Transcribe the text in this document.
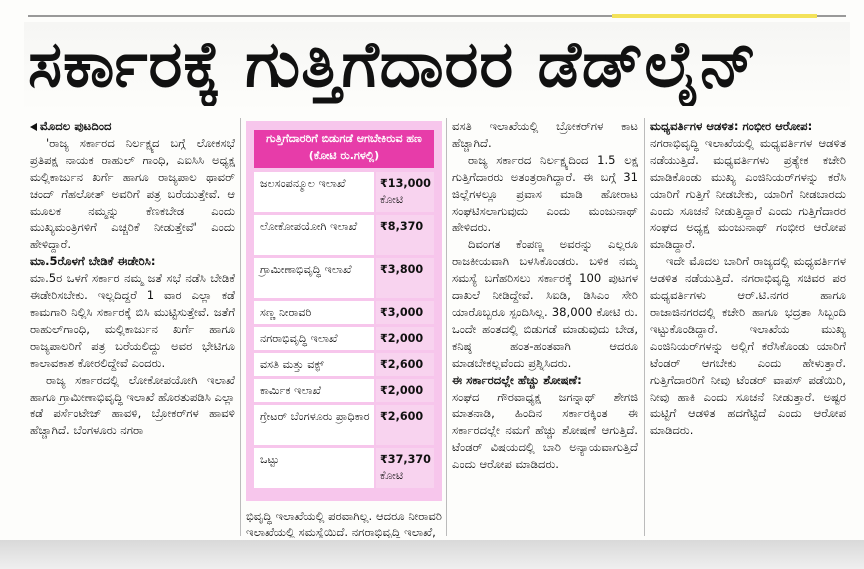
ಸರ್ಕಾರಕ್ಕೆ ಗುತ್ತಿಗೆದಾರರ ಡೆಡ್‌ಲೈನ್

ಮೊದಲ ಪುಟದಿಂದ

'ರಾಜ್ಯ ಸರ್ಕಾರದ ನಿರ್ಲಕ್ಷ್ಯದ ಬಗ್ಗೆ ಲೋಕಸಭೆ ಪ್ರತಿಪಕ್ಷ ನಾಯಕ ರಾಹುಲ್ ಗಾಂಧಿ, ಎಐಸಿಸಿ ಅಧ್ಯಕ್ಷ ಮಲ್ಲಿಕಾರ್ಜುನ ಖರ್ಗೆ ಹಾಗೂ ರಾಜ್ಯಪಾಲ ಥಾವರ್ ಚಂದ್ ಗೆಹಲೋತ್ ಅವರಿಗೆ ಪತ್ರ ಬರೆಯುತ್ತೇವೆ. ಆ ಮೂಲಕ ನಮ್ಮನ್ನು ಕೆಣಕಬೇಡ ಎಂದು ಮುಖ್ಯಮಂತ್ರಿಗಳಿಗೆ ಎಚ್ಚರಿಕೆ ನೀಡುತ್ತೇವೆ' ಎಂದು ಹೇಳಿದ್ದಾರೆ.

ಮಾ.5ರೊಳಗೆ ಬೇಡಿಕೆ ಈಡೇರಿಸಿ:

ಮಾ.5ರ ಒಳಗೆ ಸರ್ಕಾರ ನಮ್ಮ ಜತೆ ಸಭೆ ನಡೆಸಿ ಬೇಡಿಕೆ ಈಡೇರಿಸಬೇಕು. ಇಲ್ಲದಿದ್ದರೆ 1 ವಾರ ಎಲ್ಲಾ ಕಡೆ ಕಾಮಗಾರಿ ನಿಲ್ಲಿಸಿ ಸರ್ಕಾರಕ್ಕೆ ಬಿಸಿ ಮುಟ್ಟಿಸುತ್ತೇವೆ. ಜತೆಗೆ ರಾಹುಲ್‌ಗಾಂಧಿ, ಮಲ್ಲಿಕಾರ್ಜುನ ಖರ್ಗೆ ಹಾಗೂ ರಾಜ್ಯಪಾಲರಿಗೆ ಪತ್ರ ಬರೆಯಲಿದ್ದು ಅವರ ಭೇಟಿಗೂ ಕಾಲಾವಕಾಶ ಕೋರಲಿದ್ದೇವೆ ಎಂದರು.

ರಾಜ್ಯ ಸರ್ಕಾರದಲ್ಲಿ ಲೋಕೋಪಯೋಗಿ ಇಲಾಖೆ ಹಾಗೂ ಗ್ರಾಮೀಣಾಭಿವೃದ್ಧಿ ಇಲಾಖೆ ಹೊರತುಪಡಿಸಿ ಎಲ್ಲಾ ಕಡೆ ಪರ್ಸೆಂಟೇಜ್ ಹಾವಳಿ, ಬ್ರೋಕರ್‌ಗಳ ಹಾವಳಿ ಹೆಚ್ಚಾಗಿದೆ. ಬೆಂಗಳೂರು ನಗರಾ

ಗುತ್ತಿಗೆದಾರರಿಗೆ ಬಿಡುಗಡೆ ಆಗಬೇಕಿರುವ ಹಣ (ಕೋಟಿ ರು.ಗಳಲ್ಲಿ)
ಜಲಸಂಪನ್ಮೂಲ ಇಲಾಖೆ	₹13,000
ಕೋಟಿ
ಲೋಕೋಪಯೋಗಿ ಇಲಾಖೆ	₹8,370
ಗ್ರಾಮೀಣಾಭಿವೃದ್ಧಿ ಇಲಾಖೆ	₹3,800
ಸಣ್ಣ ನೀರಾವರಿ	₹3,000
ನಗರಾಭಿವೃದ್ಧಿ ಇಲಾಖೆ	₹2,000
ವಸತಿ ಮತ್ತು ವಕ್ಫ್	₹2,600
ಕಾರ್ಮಿಕ ಇಲಾಖೆ	₹2,000
ಗ್ರೇಟರ್ ಬೆಂಗಳೂರು ಪ್ರಾಧಿಕಾರ ₹2,600
ಒಟ್ಟು	₹37,370
ಕೋಟಿ
ಭಿವೃದ್ಧಿ ಇಲಾಖೆಯಲ್ಲಿ ಪರವಾಗಿಲ್ಲ. ಆದರೂ ನೀರಾವರಿ ಇಲಾಖೆಯಲ್ಲಿ ಸಮಸ್ಯೆಯಿದೆ. ನಗರಾಭಿವೃದ್ಧಿ ಇಲಾಖೆ,

ವಸತಿ ಇಲಾಖೆಯಲ್ಲಿ ಬ್ರೋಕರ್‌ಗಳ ಕಾಟ ಹೆಚ್ಚಾಗಿದೆ.

ರಾಜ್ಯ ಸರ್ಕಾರದ ನಿರ್ಲಕ್ಷ್ಯದಿಂದ 1.5 ಲಕ್ಷ ಗುತ್ತಿಗೆದಾರರು ಅತಂತ್ರರಾಗಿದ್ದಾರೆ. ಈ ಬಗ್ಗೆ 31 ಜಿಲ್ಲೆಗಳಲ್ಲೂ ಪ್ರವಾಸ ಮಾಡಿ ಹೋರಾಟ ಸಂಘಟಿಸಲಾಗುವುದು ಎಂದು ಮಂಜುನಾಥ್ ಹೇಳಿದರು.

ದಿವಂಗತ ಕೆಂಪಣ್ಣ ಅವರನ್ನು ಎಲ್ಲರೂ ರಾಜಕೀಯವಾಗಿ ಬಳಸಿಕೊಂಡರು. ಬಳಿಕ ನಮ್ಮ ಸಮಸ್ಯೆ ಬಗೆಹರಿಸಲು ಸರ್ಕಾರಕ್ಕೆ 100 ಪುಟಗಳ ದಾಖಲೆ ನೀಡಿದ್ದೇವೆ. ಸಿಐಡಿ, ಡಿಸಿಎಂ ಸೇರಿ ಯಾರೊಬ್ಬರೂ ಸ್ಪಂದಿಸಿಲ್ಲ. 38,000 ಕೋಟಿ ರು. ಒಂದೇ ಹಂತದಲ್ಲಿ ಬಿಡುಗಡೆ ಮಾಡುವುದು ಬೇಡ, ಕನಿಷ್ಠ ಹಂತ-ಹಂತವಾಗಿ ಆದರೂ ಮಾಡಬೇಕಲ್ಲವೆಂದು ಪ್ರಶ್ನಿಸಿದರು.

ಈ ಸರ್ಕಾರದಲ್ಲೇ ಹೆಚ್ಚು ಶೋಷಣೆ:

ಸಂಘದ ಗೌರವಾಧ್ಯಕ್ಷ ಜಗನ್ನಾಥ್ ಶೇಗಜಿ ಮಾತನಾಡಿ, ಹಿಂದಿನ ಸರ್ಕಾರಕ್ಕಿಂತ ಈ ಸರ್ಕಾರದಲ್ಲೇ ನಮಗೆ ಹೆಚ್ಚು ಶೋಷಣೆ ಆಗುತ್ತಿದೆ. ಟೆಂಡರ್ ವಿಷಯದಲ್ಲಿ ಬಾರಿ ಅನ್ಯಾಯವಾಗುತ್ತಿದೆ ಎಂದು ಆರೋಪ ಮಾಡಿದರು.

ಮಧ್ಯವರ್ತಿಗಳ ಆಡಳಿತ: ಗಂಭೀರ ಆರೋಪ:

ನಗರಾಭಿವೃದ್ಧಿ ಇಲಾಖೆಯಲ್ಲಿ ಮಧ್ಯವರ್ತಿಗಳ ಆಡಳಿತ ನಡೆಯುತ್ತಿದೆ. ಮಧ್ಯವರ್ತಿಗಳು ಪ್ರತ್ಯೇಕ ಕಚೇರಿ ಮಾಡಿಕೊಂಡು ಮುಖ್ಯ ಎಂಜಿನಿಯರ್‌ಗಳನ್ನು ಕರೆಸಿ ಯಾರಿಗೆ ಗುತ್ತಿಗೆ ನೀಡಬೇಕು, ಯಾರಿಗೆ ನೀಡಬಾರದು ಎಂದು ಸೂಚನೆ ನೀಡುತ್ತಿದ್ದಾರೆ ಎಂದು ಗುತ್ತಿಗೆದಾರರ ಸಂಘದ ಅಧ್ಯಕ್ಷ ಮಂಜುನಾಥ್ ಗಂಭೀರ ಆರೋಪ ಮಾಡಿದ್ದಾರೆ.

ಇದೇ ಮೊದಲ ಬಾರಿಗೆ ರಾಜ್ಯದಲ್ಲಿ ಮಧ್ಯವರ್ತಿಗಳ ಆಡಳಿತ ನಡೆಯುತ್ತಿದೆ. ನಗರಾಭಿವೃದ್ಧಿ ಸಚಿವರ ಪರ ಮಧ್ಯವರ್ತಿಗಳು ಆರ್.ಟಿ.ನಗರ ಹಾಗೂ ರಾಜಾಜಿನಗರದಲ್ಲಿ ಕಚೇರಿ ಹಾಗೂ ಭದ್ರತಾ ಸಿಬ್ಬಂದಿ ಇಟ್ಟುಕೊಂಡಿದ್ದಾರೆ. ಇಲಾಖೆಯ ಮುಖ್ಯ ಎಂಜಿನಿಯರ್‌ಗಳನ್ನು ಅಲ್ಲಿಗೆ ಕರೆಸಿಕೊಂಡು ಯಾರಿಗೆ ಟೆಂಡರ್ ಆಗಬೇಕು ಎಂದು ಹೇಳುತ್ತಾರೆ. ಗುತ್ತಿಗೆದಾರರಿಗೆ ನೀವು ಟೆಂಡರ್ ವಾಪಸ್ ಪಡೆಯಿರಿ, ನೀವು ಹಾಕಿ ಎಂದು ಸೂಚನೆ ನೀಡುತ್ತಾರೆ. ಅಷ್ಟರ ಮಟ್ಟಿಗೆ ಆಡಳಿತ ಹದಗೆಟ್ಟಿದೆ ಎಂದು ಆರೋಪ ಮಾಡಿದರು.
